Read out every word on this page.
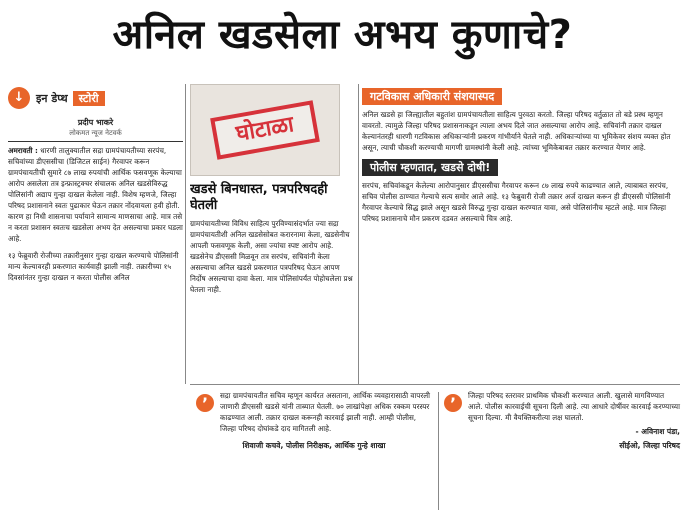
अनिल खडसेला अभय कुणाचे?
↓	इन डेप्थ	स्टोरी
प्रदीप भाकरे
लोकमत न्यूज नेटवर्क

अमरावती : धारणी तालुक्यातील सद्रा ग्रामपंचायतीच्या सरपंच, सचिवांच्या डीएससीचा (डिजिटल साईन) गैरवापर करून ग्रामपंचायतीची सुमारे ८७ लाख रुपयांची आर्थिक फसवणूक केल्याचा आरोप असलेला तत्र इन्फ्रास्ट्रक्चर संचालक अनिल खडसेविरुद्ध पोलिसांनी अद्याप गुन्हा दाखल केलेला नाही. विशेष म्हणजे, जिल्हा परिषद प्रशासनाने स्वतः पुढाकार घेऊन तक्रार नोंदवायला हवी होती. कारण हा निधी शासनाचा पर्यायाने सामान्य माणसाचा आहे. मात्र तसे न करता प्रशासन स्वतःच खडसेला अभय देत असल्याचा प्रकार घडला आहे.

१३ फेब्रुवारी रोजीच्या तक्रारीनुसार गुन्हा दाखल करण्याचे पोलिसांनी मान्य केल्यावरही प्रकरणात कार्यवाही झाली नाही. तक्रारीच्या १५ दिवसांनंतर गुन्हा दाखल न करता पोलीस अनिल

घोटाळा
खडसे बिनधास्त, पत्रपरिषदही घेतली

ग्रामपंचायतीच्या विविध साहित्य पुरविण्यासंदर्भात ज्या सद्रा ग्रामपंचायतीशी अनिल खडसेसोबत करारनामा केला, खडसेनीच आपली फसवणूक केली, असा ज्यांचा स्पष्ट आरोप आहे. खडसेनेच डीएससी मिळवून तत्र सरपंच, सचिवांनी केला असल्याचा अनिल खडसे प्रकरणात पत्रपरिषद घेऊन आपण निर्दोष असल्याचा दावा केला. मात्र पोलिसांपर्यंत पोहोचलेला प्रश्न घेतला नाही.

गटविकास अधिकारी संशयास्पद

अनिल खडसे हा जिल्ह्यातील बहुतांश ग्रामपंचायतीला साहित्य पुरवठा करतो. जिल्हा परिषद वर्तुळात तो बडे प्रस्थ म्हणून वावरतो. त्यामुळे जिल्हा परिषद प्रशासनाकडून त्याला अभय दिले जात असल्याचा आरोप आहे. सचिवांनी तक्रार दाखल केल्यानंतरही धारणी गटविकास अधिकाऱ्यांनी प्रकरण गांभीर्याने घेतले नाही. अधिकाऱ्यांच्या या भूमिकेवर संशय व्यक्त होत असून, त्याची चौकशी करण्याची मागणी ग्रामस्थांनी केली आहे. त्यांच्या भूमिकेबाबत तक्रार करण्यात येणार आहे.

पोलीस म्हणतात, खडसे दोषी!

सरपंच, सचिवांकडून केलेल्या आरोपानुसार डीएससीचा गैरवापर करून ८७ लाख रुपये काढण्यात आले, त्याबाबत सरपंच, सचिव पोलीस ठाण्यात गेल्याचे सत्य समोर आले आहे. १३ फेब्रुवारी रोजी तक्रार अर्ज दाखल करून ही डीएससी पोलिसांनी गैरवापर केल्याचे सिद्ध झाले असून खडसे विरुद्ध गुन्हा दाखल करण्यात यावा, असे पोलिसांनीच म्हटले आहे. मात्र जिल्हा परिषद प्रशासनाचे मौन प्रकरण दडवत असल्याचे चित्र आहे.

’	सद्रा ग्रामपंचायतीत सचिव म्हणून कार्यरत असताना, आर्थिक व्यवहारासाठी वापरली जाणारी डीएससी खडसे यांनी ताब्यात घेतली. ७० लाखांपेक्षा अधिक रक्कम परस्पर काढण्यात आली. तक्रार दाखल करूनही कारवाई झाली नाही. आम्ही पोलीस, जिल्हा परिषद दोघांकडे दाद मागितली आहे.

शिवाजी कचवे, पोलीस निरीक्षक, आर्थिक गुन्हे शाखा
’	जिल्हा परिषद स्तरावर प्राथमिक चौकशी करण्यात आली. खुलासे मागविण्यात आले. पोलीस कारवाईची सूचना दिली आहे. त्या आधारे दोषींवर कारवाई करण्याच्या सूचना दिल्या. मी वैयक्तिकरीत्या लक्ष घालतो.

- अविनाश पंडा,
सीईओ, जिल्हा परिषद
